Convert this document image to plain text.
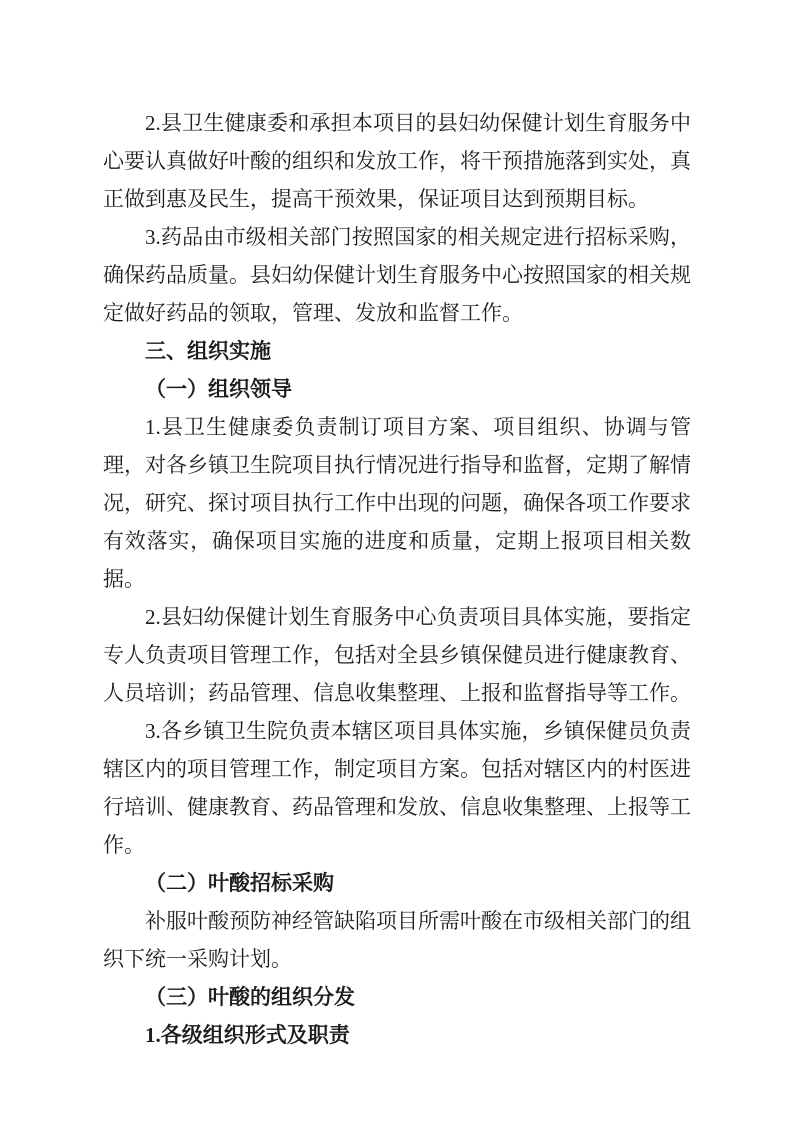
2.县卫生健康委和承担本项目的县妇幼保健计划生育服务中心要认真做好叶酸的组织和发放工作，将干预措施落到实处，真正做到惠及民生，提高干预效果，保证项目达到预期目标。

3.药品由市级相关部门按照国家的相关规定进行招标采购，确保药品质量。县妇幼保健计划生育服务中心按照国家的相关规定做好药品的领取，管理、发放和监督工作。

三、组织实施

（一）组织领导

1.县卫生健康委负责制订项目方案、项目组织、协调与管理，对各乡镇卫生院项目执行情况进行指导和监督，定期了解情况，研究、探讨项目执行工作中出现的问题，确保各项工作要求有效落实，确保项目实施的进度和质量，定期上报项目相关数据。

2.县妇幼保健计划生育服务中心负责项目具体实施，要指定专人负责项目管理工作，包括对全县乡镇保健员进行健康教育、人员培训；药品管理、信息收集整理、上报和监督指导等工作。

3.各乡镇卫生院负责本辖区项目具体实施，乡镇保健员负责辖区内的项目管理工作，制定项目方案。包括对辖区内的村医进行培训、健康教育、药品管理和发放、信息收集整理、上报等工作。

（二）叶酸招标采购

补服叶酸预防神经管缺陷项目所需叶酸在市级相关部门的组织下统一采购计划。

（三）叶酸的组织分发

1.各级组织形式及职责
